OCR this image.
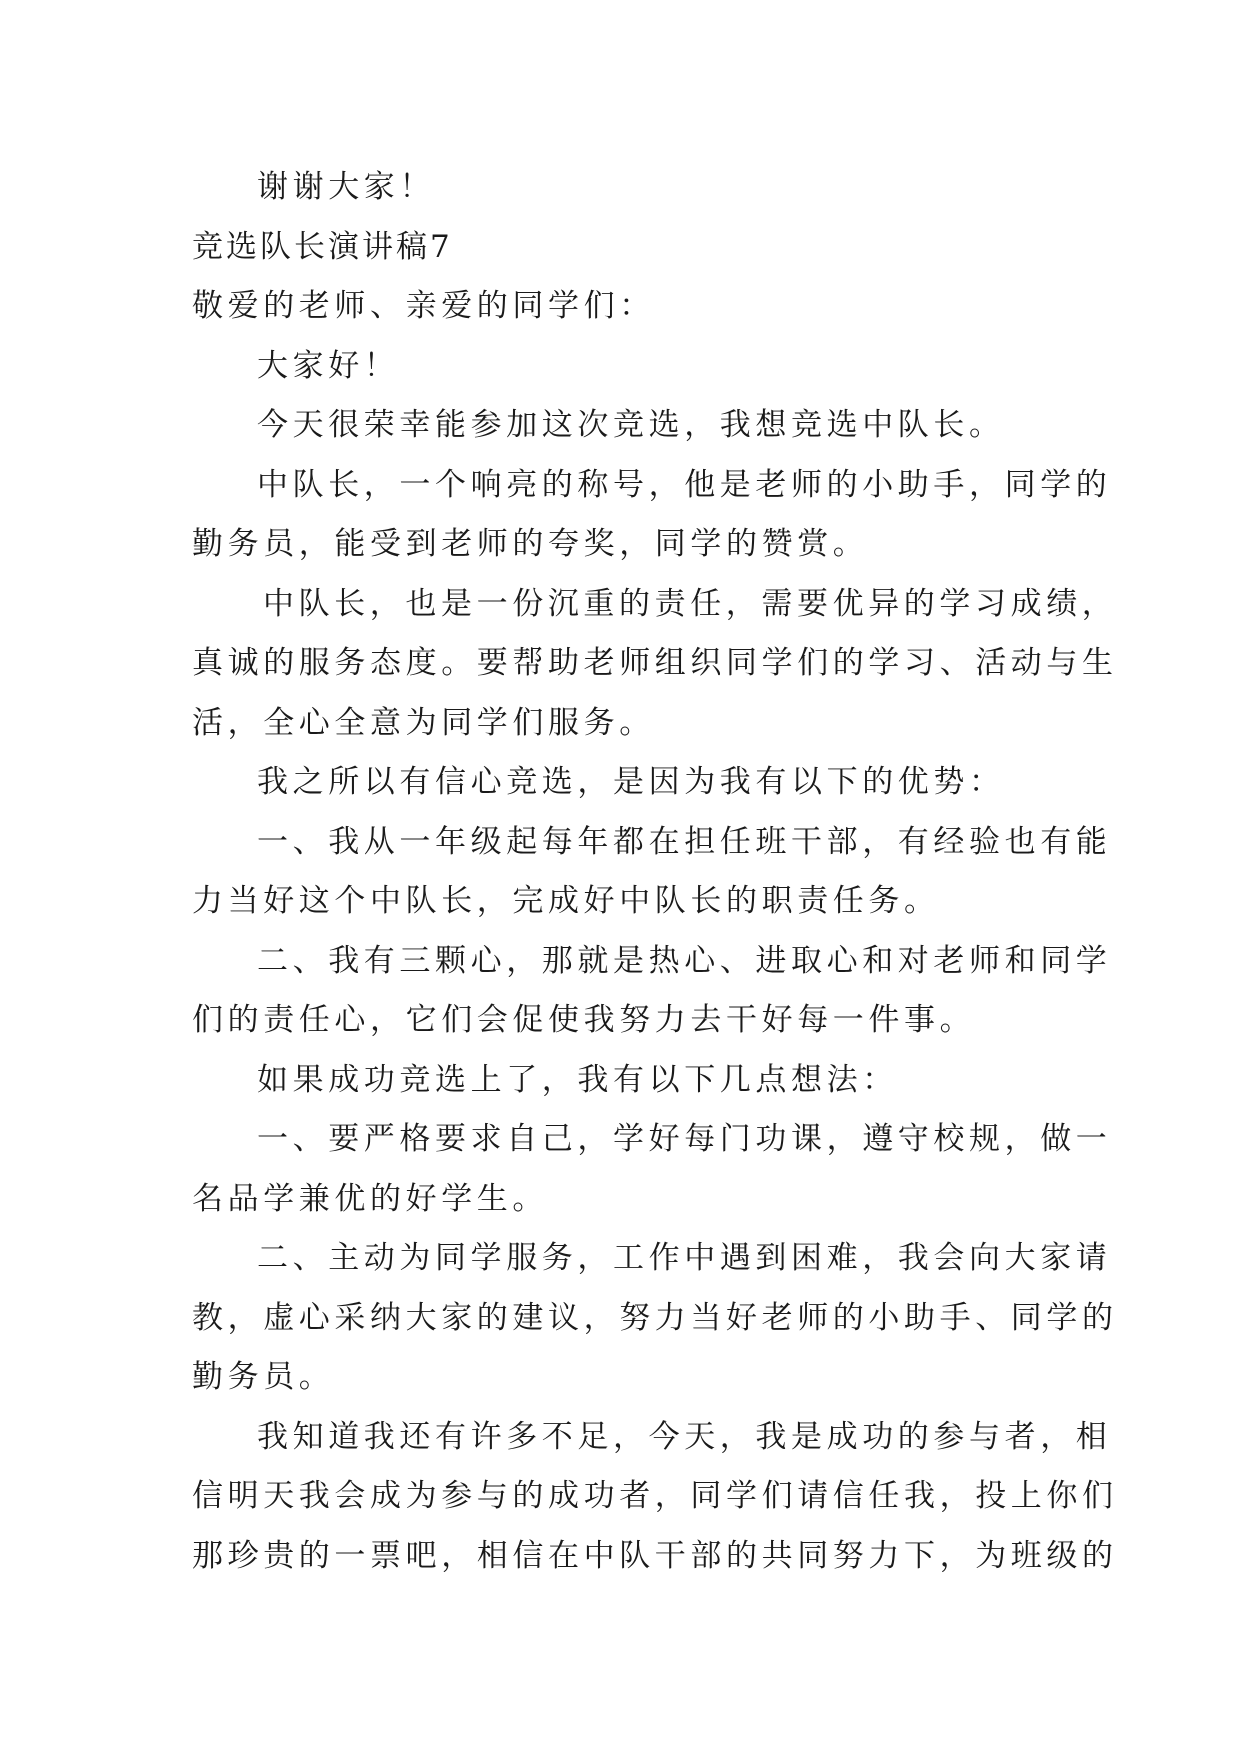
谢谢大家！
竞选队长演讲稿7
敬爱的老师、亲爱的同学们：
大家好！
今天很荣幸能参加这次竞选，我想竞选中队长。
中队长，一个响亮的称号，他是老师的小助手，同学的
勤务员，能受到老师的夸奖，同学的赞赏。
中队长，也是一份沉重的责任，需要优异的学习成绩，
真诚的服务态度。要帮助老师组织同学们的学习、活动与生
活，全心全意为同学们服务。
我之所以有信心竞选，是因为我有以下的优势：
一、我从一年级起每年都在担任班干部，有经验也有能
力当好这个中队长，完成好中队长的职责任务。
二、我有三颗心，那就是热心、进取心和对老师和同学
们的责任心，它们会促使我努力去干好每一件事。
如果成功竞选上了，我有以下几点想法：
一、要严格要求自己，学好每门功课，遵守校规，做一
名品学兼优的好学生。
二、主动为同学服务，工作中遇到困难，我会向大家请
教，虚心采纳大家的建议，努力当好老师的小助手、同学的
勤务员。
我知道我还有许多不足，今天，我是成功的参与者，相
信明天我会成为参与的成功者，同学们请信任我，投上你们
那珍贵的一票吧，相信在中队干部的共同努力下，为班级的
